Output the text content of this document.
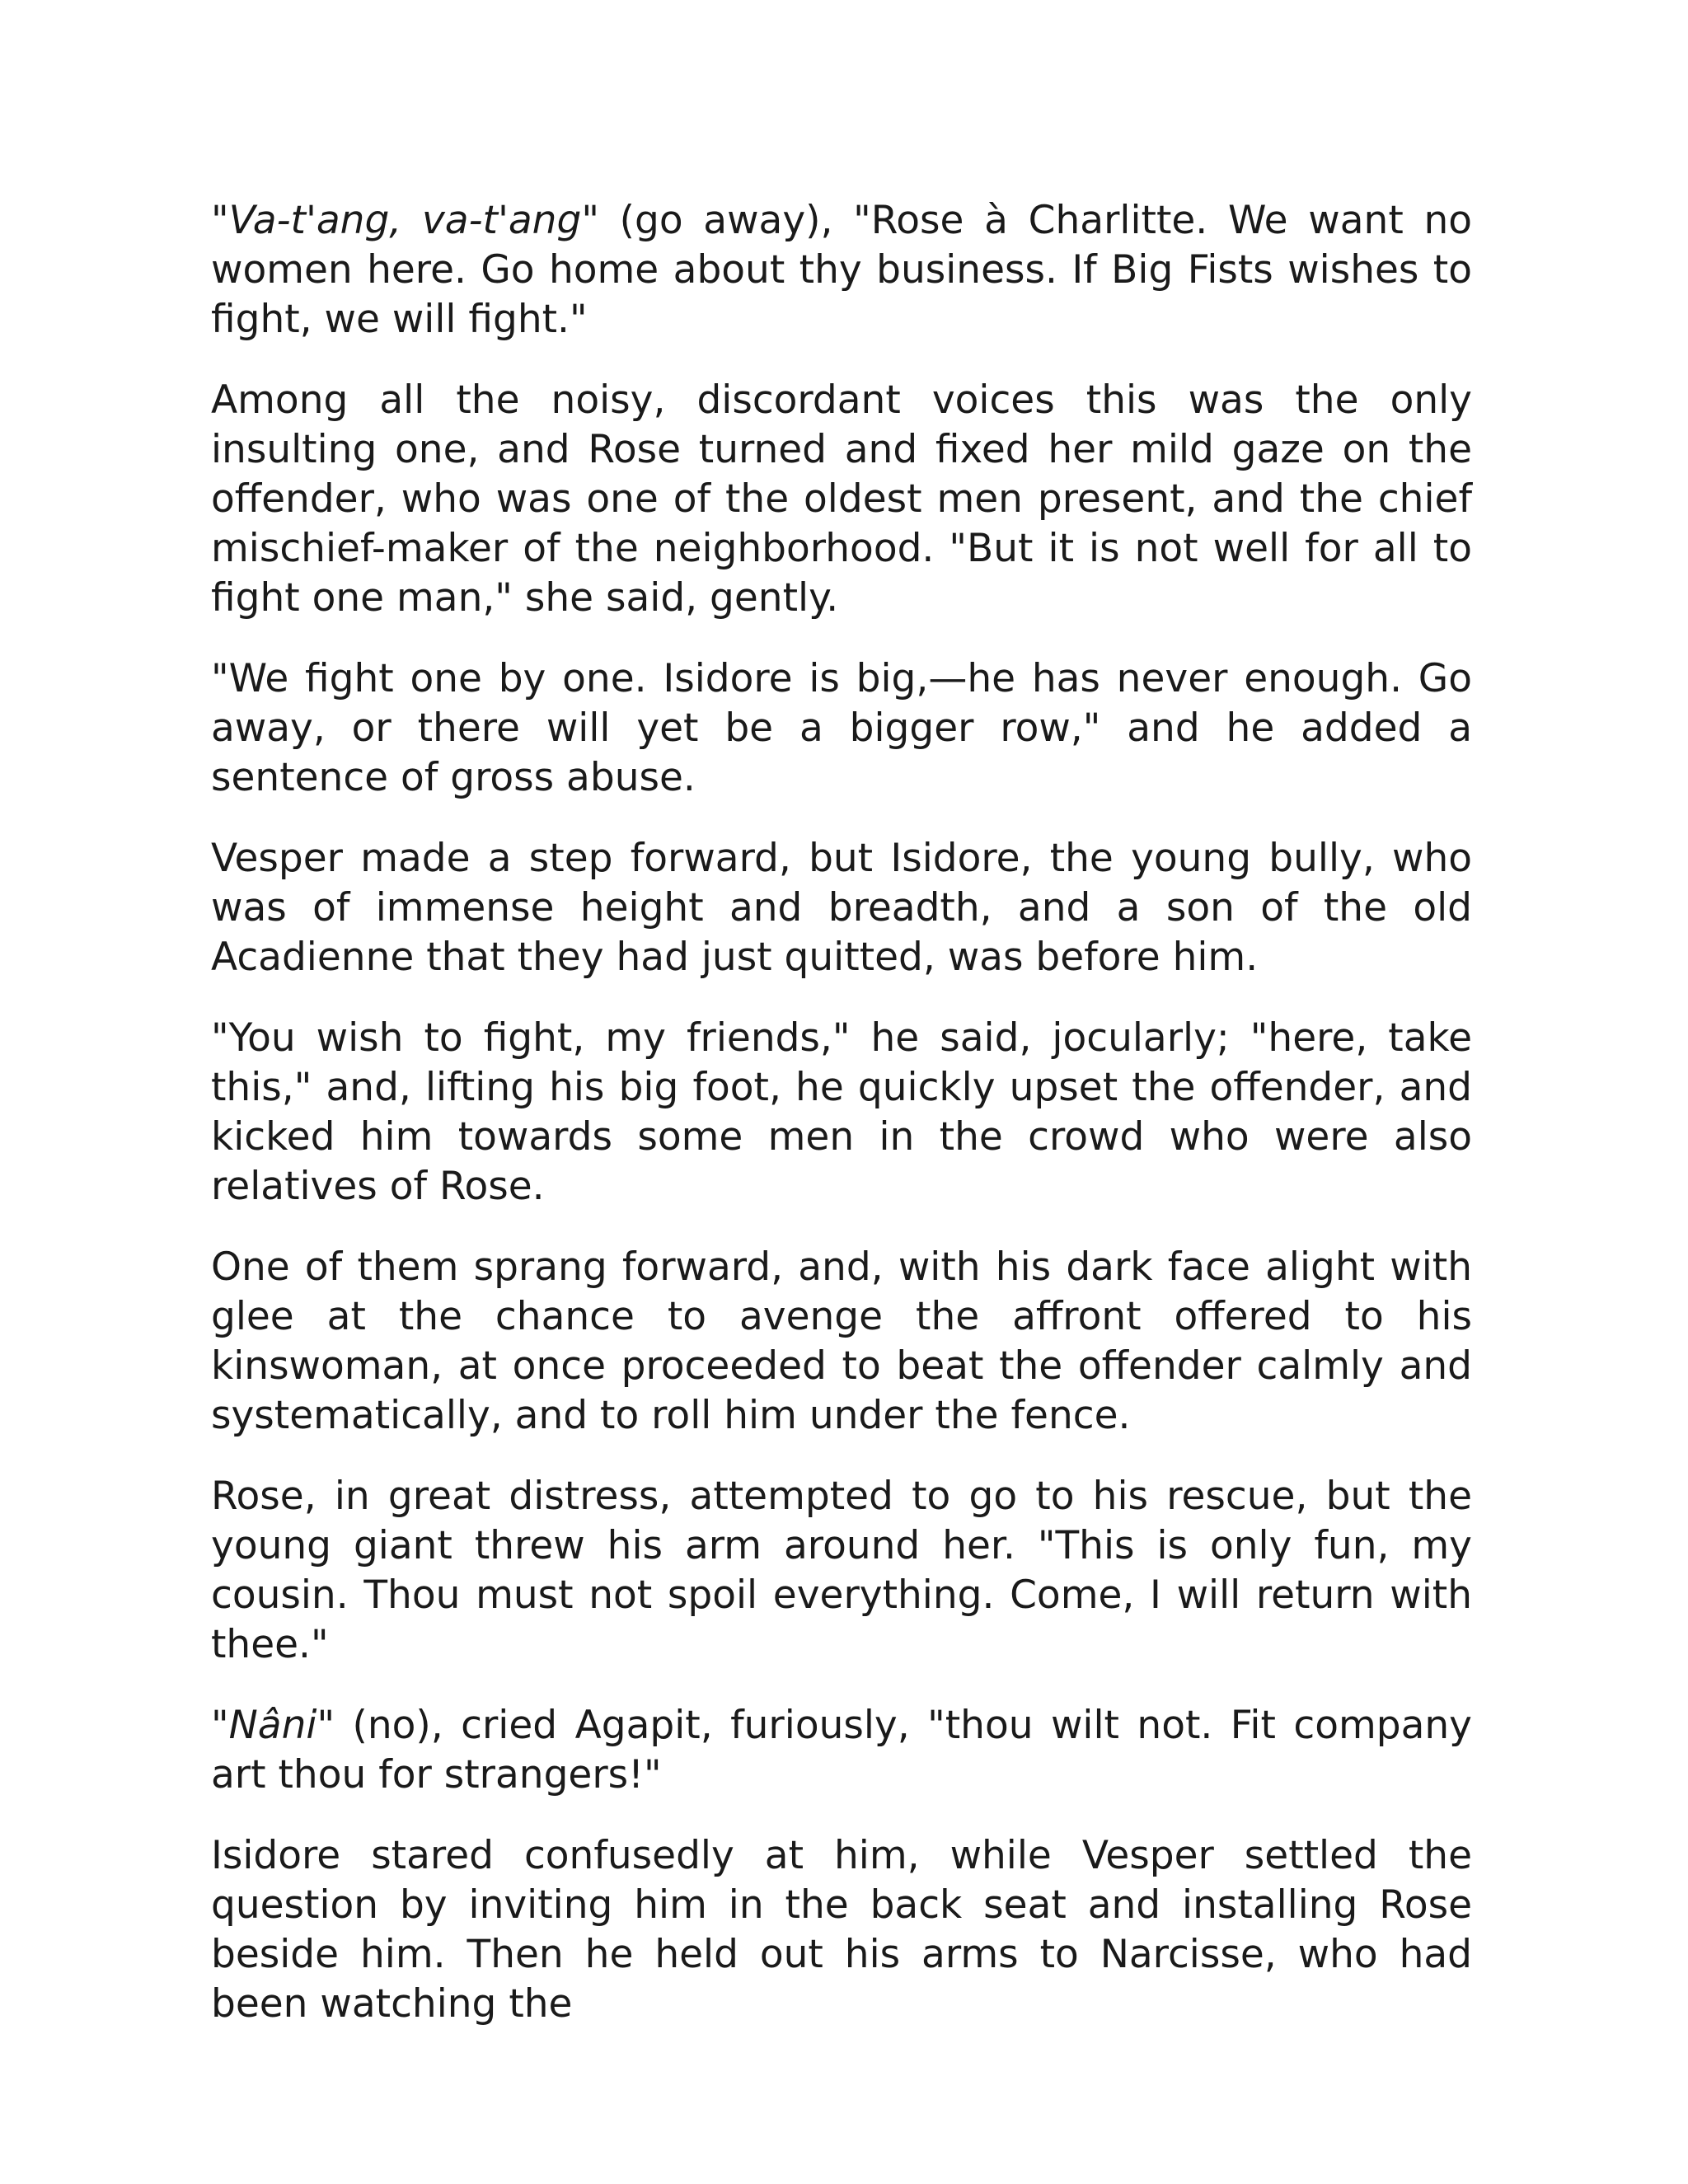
"Va-t'ang, va-t'ang" (go away), "Rose à Charlitte. We want no women here. Go home about thy business. If Big Fists wishes to fight, we will fight."

Among all the noisy, discordant voices this was the only insulting one, and Rose turned and fixed her mild gaze on the offender, who was one of the oldest men present, and the chief mischief-maker of the neighborhood. "But it is not well for all to fight one man," she said, gently.

"We fight one by one. Isidore is big,—he has never enough. Go away, or there will yet be a bigger row," and he added a sentence of gross abuse.

Vesper made a step forward, but Isidore, the young bully, who was of immense height and breadth, and a son of the old Acadienne that they had just quitted, was before him.

"You wish to fight, my friends," he said, jocularly; "here, take this," and, lifting his big foot, he quickly upset the offender, and kicked him towards some men in the crowd who were also relatives of Rose.

One of them sprang forward, and, with his dark face alight with glee at the chance to avenge the affront offered to his kinswoman, at once proceeded to beat the offender calmly and systematically, and to roll him under the fence.

Rose, in great distress, attempted to go to his rescue, but the young giant threw his arm around her. "This is only fun, my cousin. Thou must not spoil everything. Come, I will return with thee."

"Nâni" (no), cried Agapit, furiously, "thou wilt not. Fit company art thou for strangers!"

Isidore stared confusedly at him, while Vesper settled the question by inviting him in the back seat and installing Rose beside him. Then he held out his arms to Narcisse, who had been watching the
